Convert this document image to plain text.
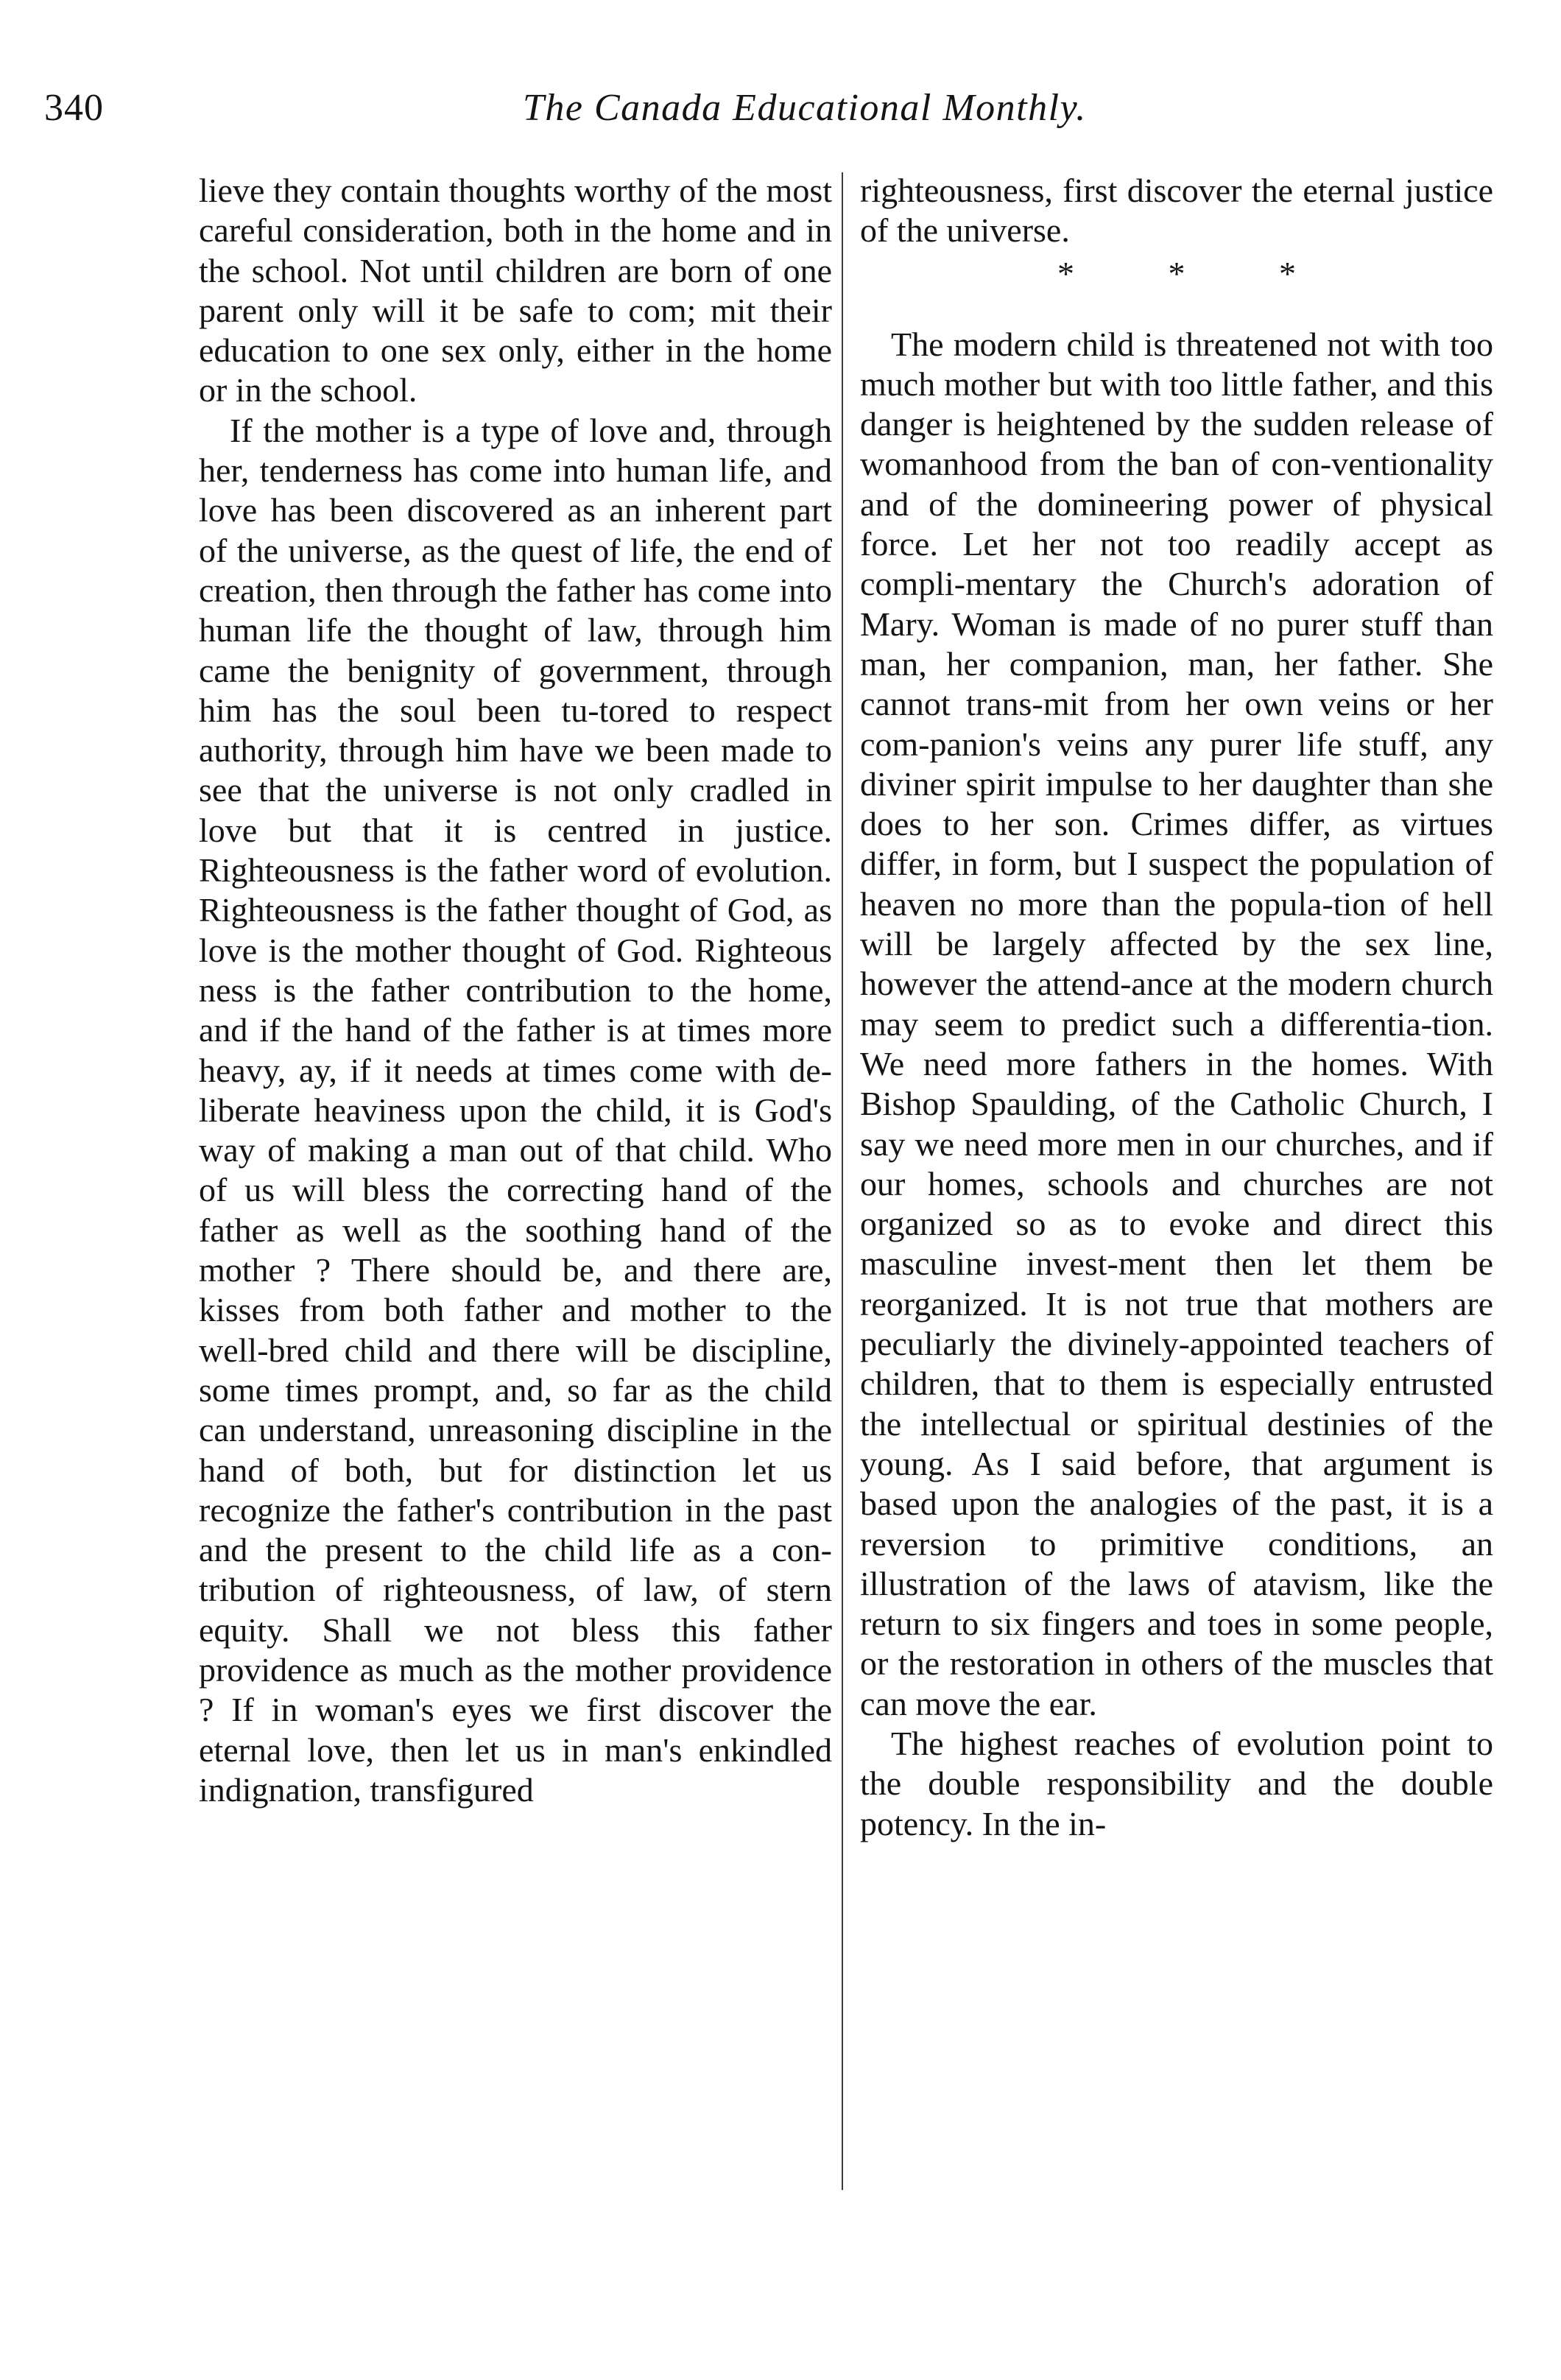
340	The Canada Educational Monthly.

lieve they contain thoughts worthy of the most careful consideration, both in the home and in the school. Not until children are born of one parent only will it be safe to com; mit their education to one sex only, either in the home or in the school.

If the mother is a type of love and, through her, tenderness has come into human life, and love has been discovered as an inherent part of the universe, as the quest of life, the end of creation, then through the father has come into human life the thought of law, through him came the benignity of government, through him has the soul been tu-tored to respect authority, through him have we been made to see that the universe is not only cradled in love but that it is centred in justice. Righteousness is the father word of evolution. Righteousness is the father thought of God, as love is the mother thought of God. Righteous ness is the father contribution to the home, and if the hand of the father is at times more heavy, ay, if it needs at times come with de-liberate heaviness upon the child, it is God's way of making a man out of that child. Who of us will bless the correcting hand of the father as well as the soothing hand of the mother ? There should be, and there are, kisses from both father and mother to the well-bred child and there will be discipline, some times prompt, and, so far as the child can understand, unreasoning discipline in the hand of both, but for distinction let us recognize the father's contribution in the past and the present to the child life as a con-tribution of righteousness, of law, of stern equity. Shall we not bless this father providence as much as the mother providence ? If in woman's eyes we first discover the eternal love, then let us in man's enkindled indignation, transfigured

righteousness, first discover the eternal justice of the universe.

* * *

The modern child is threatened not with too much mother but with too little father, and this danger is heightened by the sudden release of womanhood from the ban of con-ventionality and of the domineering power of physical force. Let her not too readily accept as compli-mentary the Church's adoration of Mary. Woman is made of no purer stuff than man, her companion, man, her father. She cannot trans-mit from her own veins or her com-panion's veins any purer life stuff, any diviner spirit impulse to her daughter than she does to her son. Crimes differ, as virtues differ, in form, but I suspect the population of heaven no more than the popula-tion of hell will be largely affected by the sex line, however the attend-ance at the modern church may seem to predict such a differentia-tion. We need more fathers in the homes. With Bishop Spaulding, of the Catholic Church, I say we need more men in our churches, and if our homes, schools and churches are not organized so as to evoke and direct this masculine invest-ment then let them be reorganized. It is not true that mothers are peculiarly the divinely-appointed teachers of children, that to them is especially entrusted the intellectual or spiritual destinies of the young. As I said before, that argument is based upon the analogies of the past, it is a reversion to primitive conditions, an illustration of the laws of atavism, like the return to six fingers and toes in some people, or the restoration in others of the muscles that can move the ear.

The highest reaches of evolution point to the double responsibility and the double potency. In the in-
